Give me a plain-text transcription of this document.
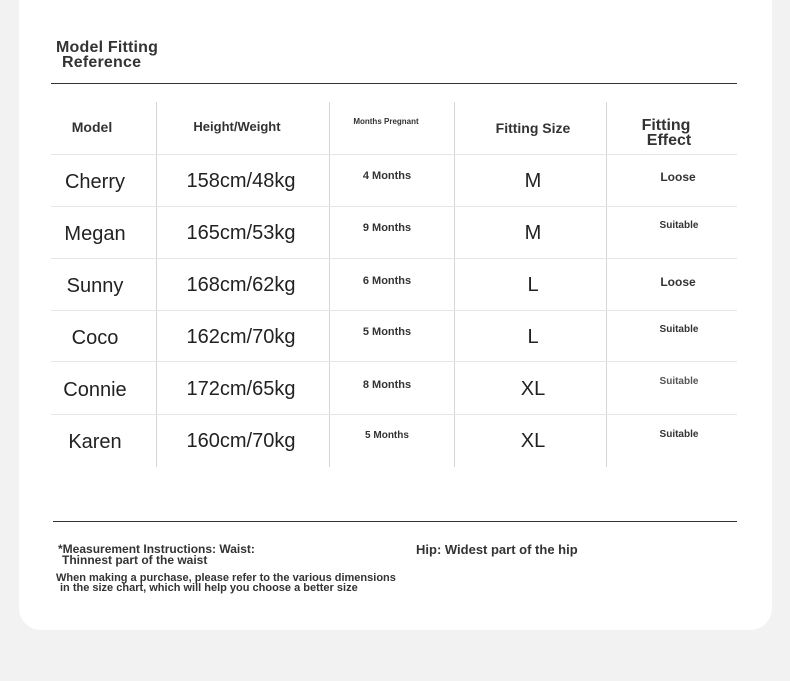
Model Fitting
Reference
Model	Height/Weight	Months Pregnant	Fitting Size	Fitting
Effect
Cherry	158cm/48kg	4 Months	M	Loose
Megan	165cm/53kg	9 Months	M	Suitable
Sunny	168cm/62kg	6 Months	L	Loose
Coco	162cm/70kg	5 Months	L	Suitable
Connie	172cm/65kg	8 Months	XL	Suitable
Karen	160cm/70kg	5 Months	XL	Suitable
*Measurement Instructions: Waist:
Thinnest part of the waist
Hip: Widest part of the hip
When making a purchase, please refer to the various dimensions
in the size chart, which will help you choose a better size
